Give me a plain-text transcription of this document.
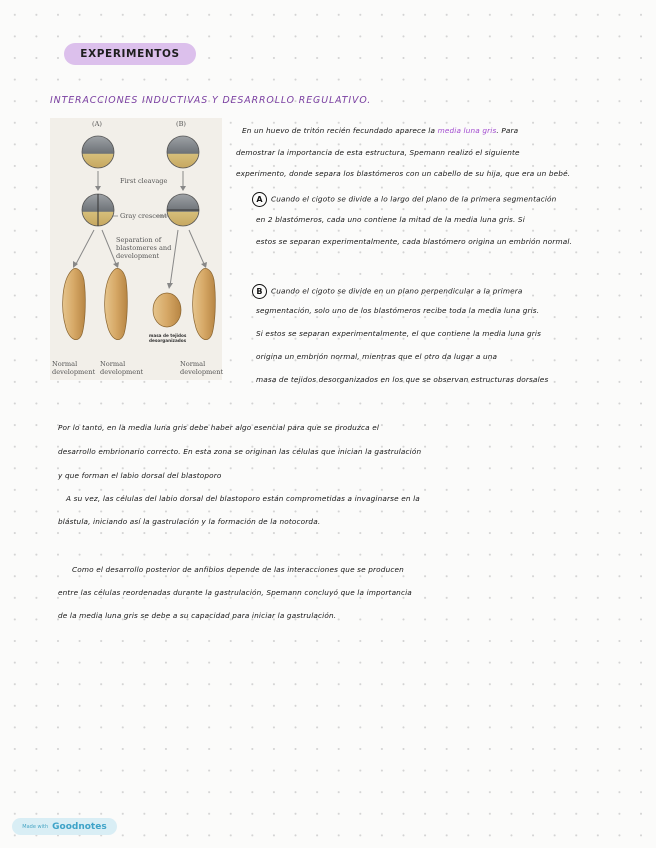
EXPERIMENTOS
INTERACCIONES INDUCTIVAS Y DESARROLLO REGULATIVO.
(A)	(B)
First cleavage
Gray crescent
Separation of
blastomeres and
development
masa de tejidos
desorganizados
Normal
development
Normal
development
Normal
development
En un huevo de tritón recién fecundado aparece la media luna gris. Para
demostrar la importancia de esta estructura, Spemann realizó el siguiente
experimento, donde separa los blastómeros con un cabello de su hija, que era un bebé.
A Cuando el cigoto se divide a lo largo del plano de la primera segmentación
en 2 blastómeros, cada uno contiene la mitad de la media luna gris. Si
estos se separan experimentalmente, cada blastómero origina un embrión normal.
B Cuando el cigoto se divide en un plano perpendicular a la primera
segmentación, solo uno de los blastómeros recibe toda la media luna gris.
Si estos se separan experimentalmente, el que contiene la media luna gris
origina un embrión normal, mientras que el otro da lugar a una
masa de tejidos desorganizados en los que se observan estructuras dorsales
Por lo tanto, en la media luna gris debe haber algo esencial para que se produzca el
desarrollo embrionario correcto. En esta zona se originan las células que inician la gastrulación
y que forman el labio dorsal del blastoporo
A su vez, las células del labio dorsal del blastoporo están comprometidas a invaginarse en la
blástula, iniciando así la gastrulación y la formación de la notocorda.
Como el desarrollo posterior de anfibios depende de las interacciones que se producen
entre las células reordenadas durante la gastrulación, Spemann concluyó que la importancia
de la media luna gris se debe a su capacidad para iniciar la gastrulación.
Made with Goodnotes
